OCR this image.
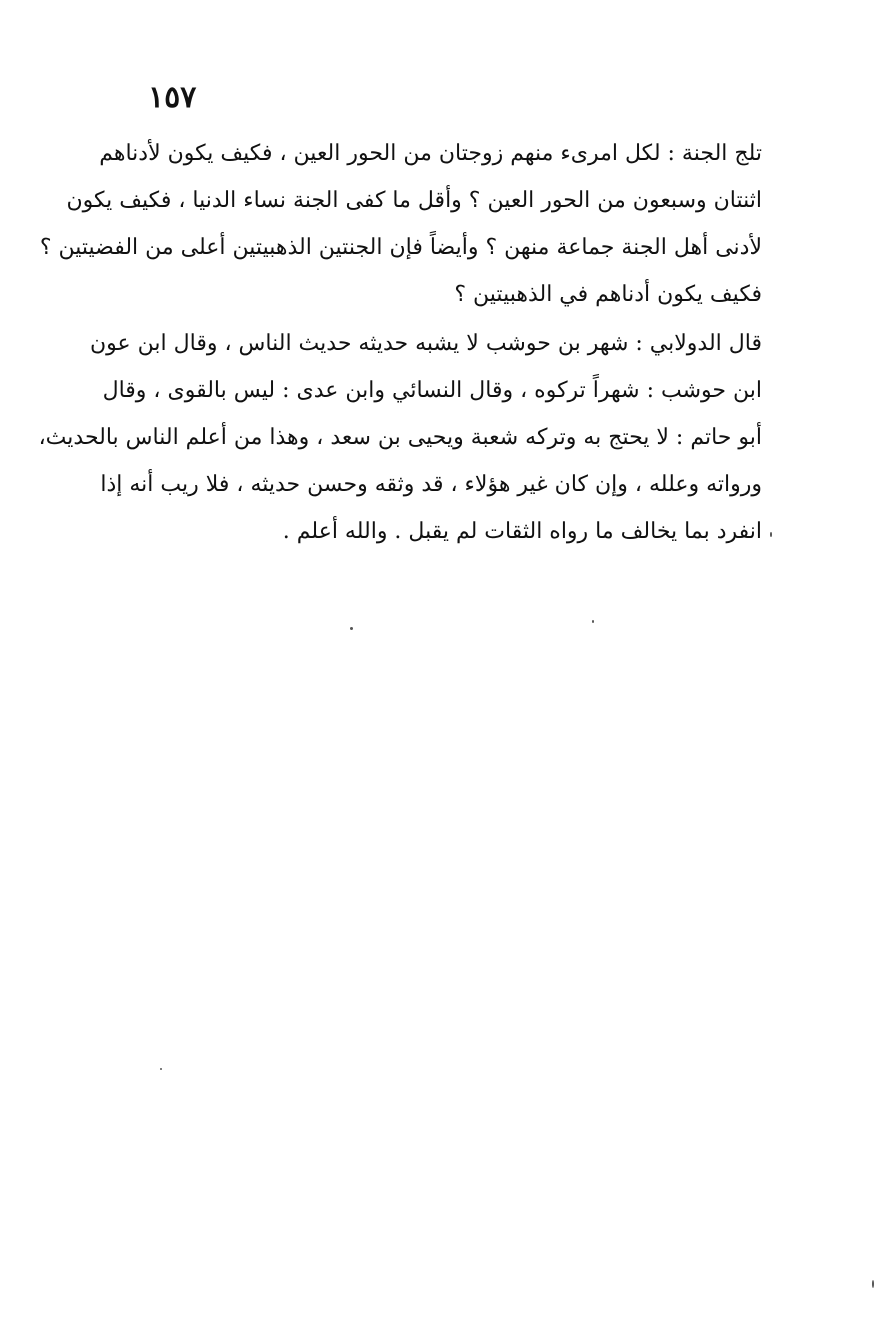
١٥٧
تلج الجنة : لكل امرىء منهم زوجتان من الحور العين ، فكيف يكون لأدناهم
اثنتان وسبعون من الحور العين ؟ وأقل ما كفى الجنة نساء الدنيا ، فكيف يكون
لأدنى أهل الجنة جماعة منهن ؟ وأيضاً فإن الجنتين الذهبيتين أعلى من الفضيتين ؟
فكيف يكون أدناهم في الذهبيتين ؟
قال الدولابي : شهر بن حوشب لا يشبه حديثه حديث الناس ، وقال ابن عون
ابن حوشب : شهراً تركوه ، وقال النسائي وابن عدى : ليس بالقوى ، وقال
أبو حاتم : لا يحتج به وتركه شعبة ويحيى بن سعد ، وهذا من أعلم الناس بالحديث،
ورواته وعلله ، وإن كان غير هؤلاء ، قد وثقه وحسن حديثه ، فلا ريب أنه إذا
انفرد بما يخالف ما رواه الثقات لم يقبل . والله أعلم .
